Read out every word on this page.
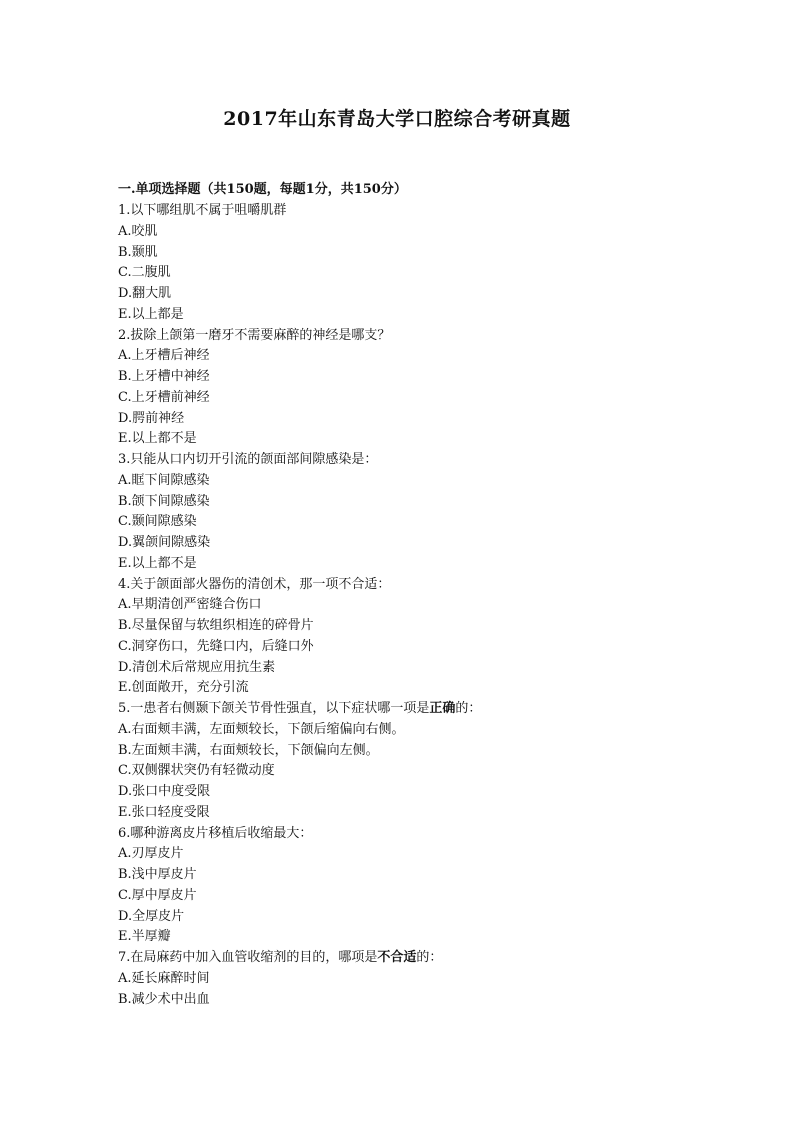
2017年山东青岛大学口腔综合考研真题
一.单项选择题（共150题，每题1分，共150分）
1.以下哪组肌不属于咀嚼肌群
A.咬肌
B.颞肌
C.二腹肌
D.翻大肌
E.以上都是
2.拔除上颌第一磨牙不需要麻醉的神经是哪支？
A.上牙槽后神经
B.上牙槽中神经
C.上牙槽前神经
D.腭前神经
E.以上都不是
3.只能从口内切开引流的颌面部间隙感染是：
A.眶下间隙感染
B.颌下间隙感染
C.颞间隙感染
D.翼颌间隙感染
E.以上都不是
4.关于颌面部火器伤的清创术，那一项不合适：
A.早期清创严密缝合伤口
B.尽量保留与软组织相连的碎骨片
C.洞穿伤口，先缝口内，后缝口外
D.清创术后常规应用抗生素
E.创面敞开，充分引流
5.一患者右侧颞下颌关节骨性强直，以下症状哪一项是正确的：
A.右面颊丰满，左面颊较长，下颌后缩偏向右侧。
B.左面颊丰满，右面颊较长，下颌偏向左侧。
C.双侧髁状突仍有轻微动度
D.张口中度受限
E.张口轻度受限
6.哪种游离皮片移植后收缩最大：
A.刃厚皮片
B.浅中厚皮片
C.厚中厚皮片
D.全厚皮片
E.半厚瓣
7.在局麻药中加入血管收缩剂的目的，哪项是不合适的：
A.延长麻醉时间
B.减少术中出血
